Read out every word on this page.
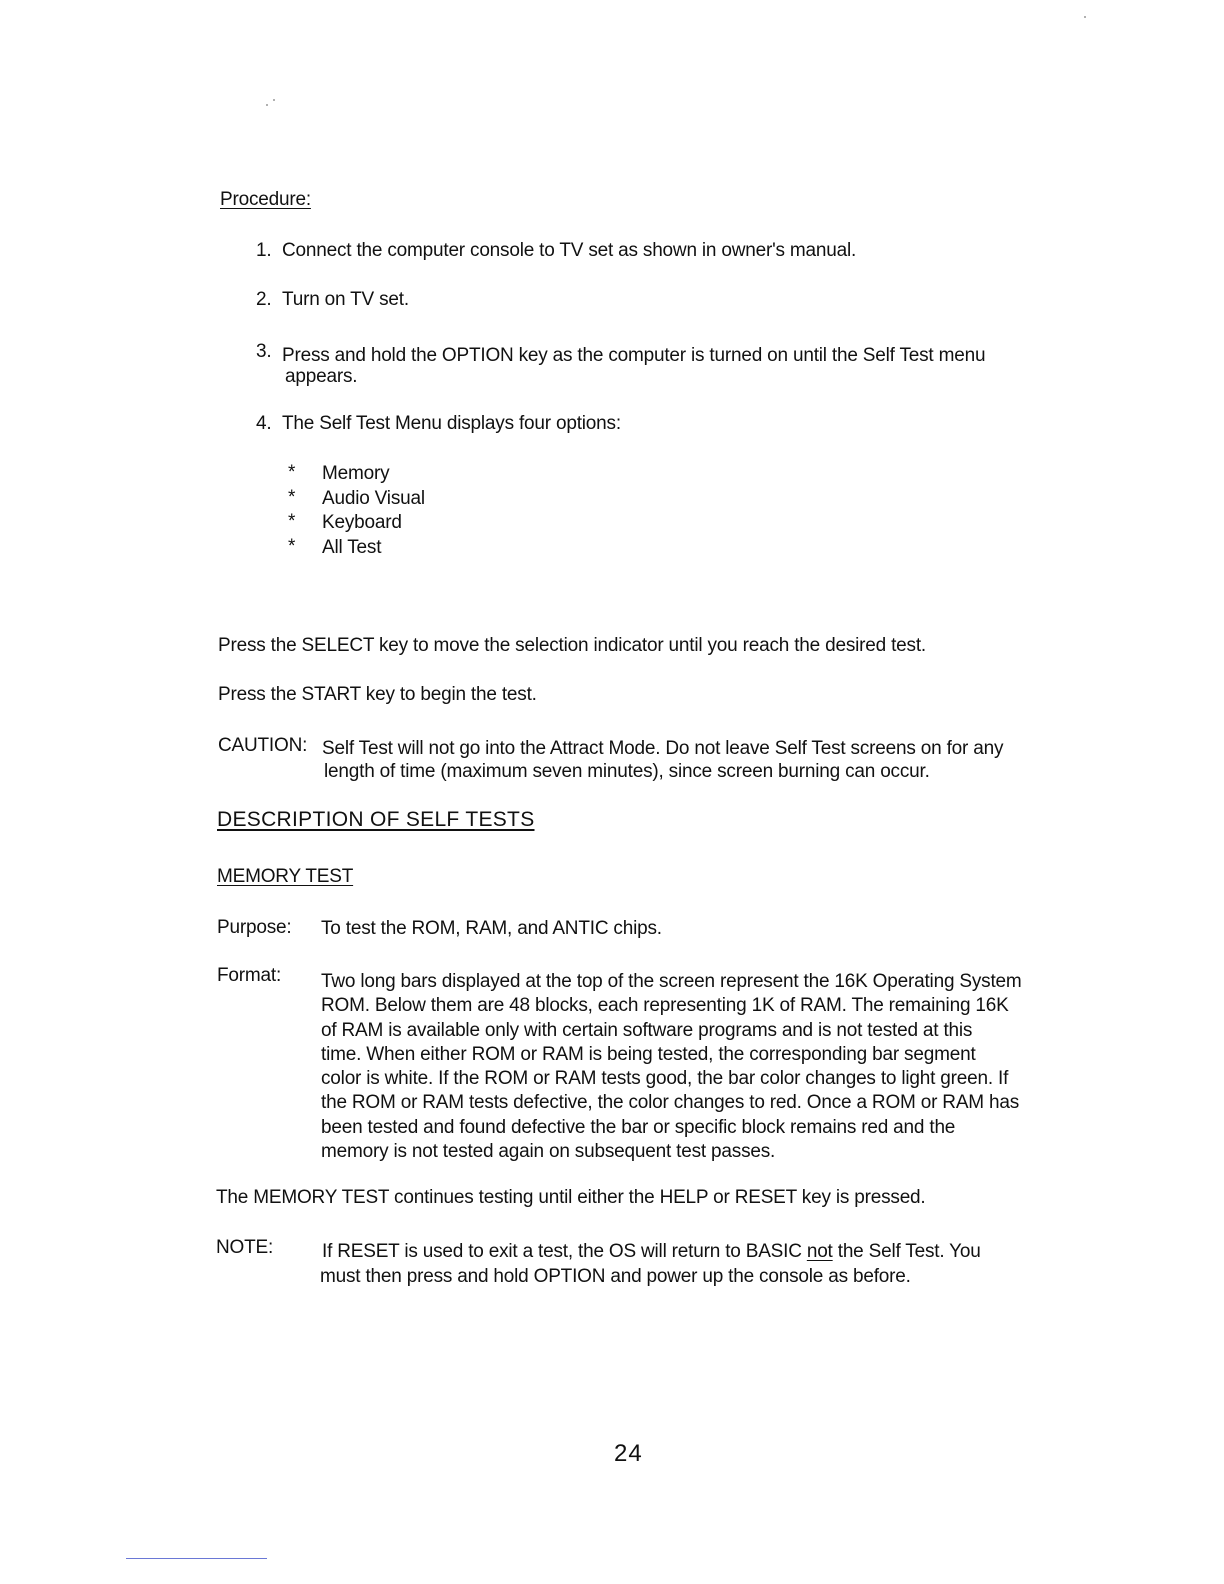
Procedure:
1. Connect the computer console to TV set as shown in owner's manual.
2. Turn on TV set.
3. Press and hold the OPTION key as the computer is turned on until the Self Test menu
appears.
4. The Self Test Menu displays four options:
* Memory
* Audio Visual
* Keyboard
* All Test
Press the SELECT key to move the selection indicator until you reach the desired test.
Press the START key to begin the test.
CAUTION: Self Test will not go into the Attract Mode. Do not leave Self Test screens on for any
length of time (maximum seven minutes), since screen burning can occur.
DESCRIPTION OF SELF TESTS
MEMORY TEST
Purpose: To test the ROM, RAM, and ANTIC chips.
Format: Two long bars displayed at the top of the screen represent the 16K Operating System
ROM. Below them are 48 blocks, each representing 1K of RAM. The remaining 16K
of RAM is available only with certain software programs and is not tested at this
time. When either ROM or RAM is being tested, the corresponding bar segment
color is white. If the ROM or RAM tests good, the bar color changes to light green. If
the ROM or RAM tests defective, the color changes to red. Once a ROM or RAM has
been tested and found defective the bar or specific block remains red and the
memory is not tested again on subsequent test passes.
The MEMORY TEST continues testing until either the HELP or RESET key is pressed.
NOTE:	If RESET is used to exit a test, the OS will return to BASIC not the Self Test. You
must then press and hold OPTION and power up the console as before.
24
